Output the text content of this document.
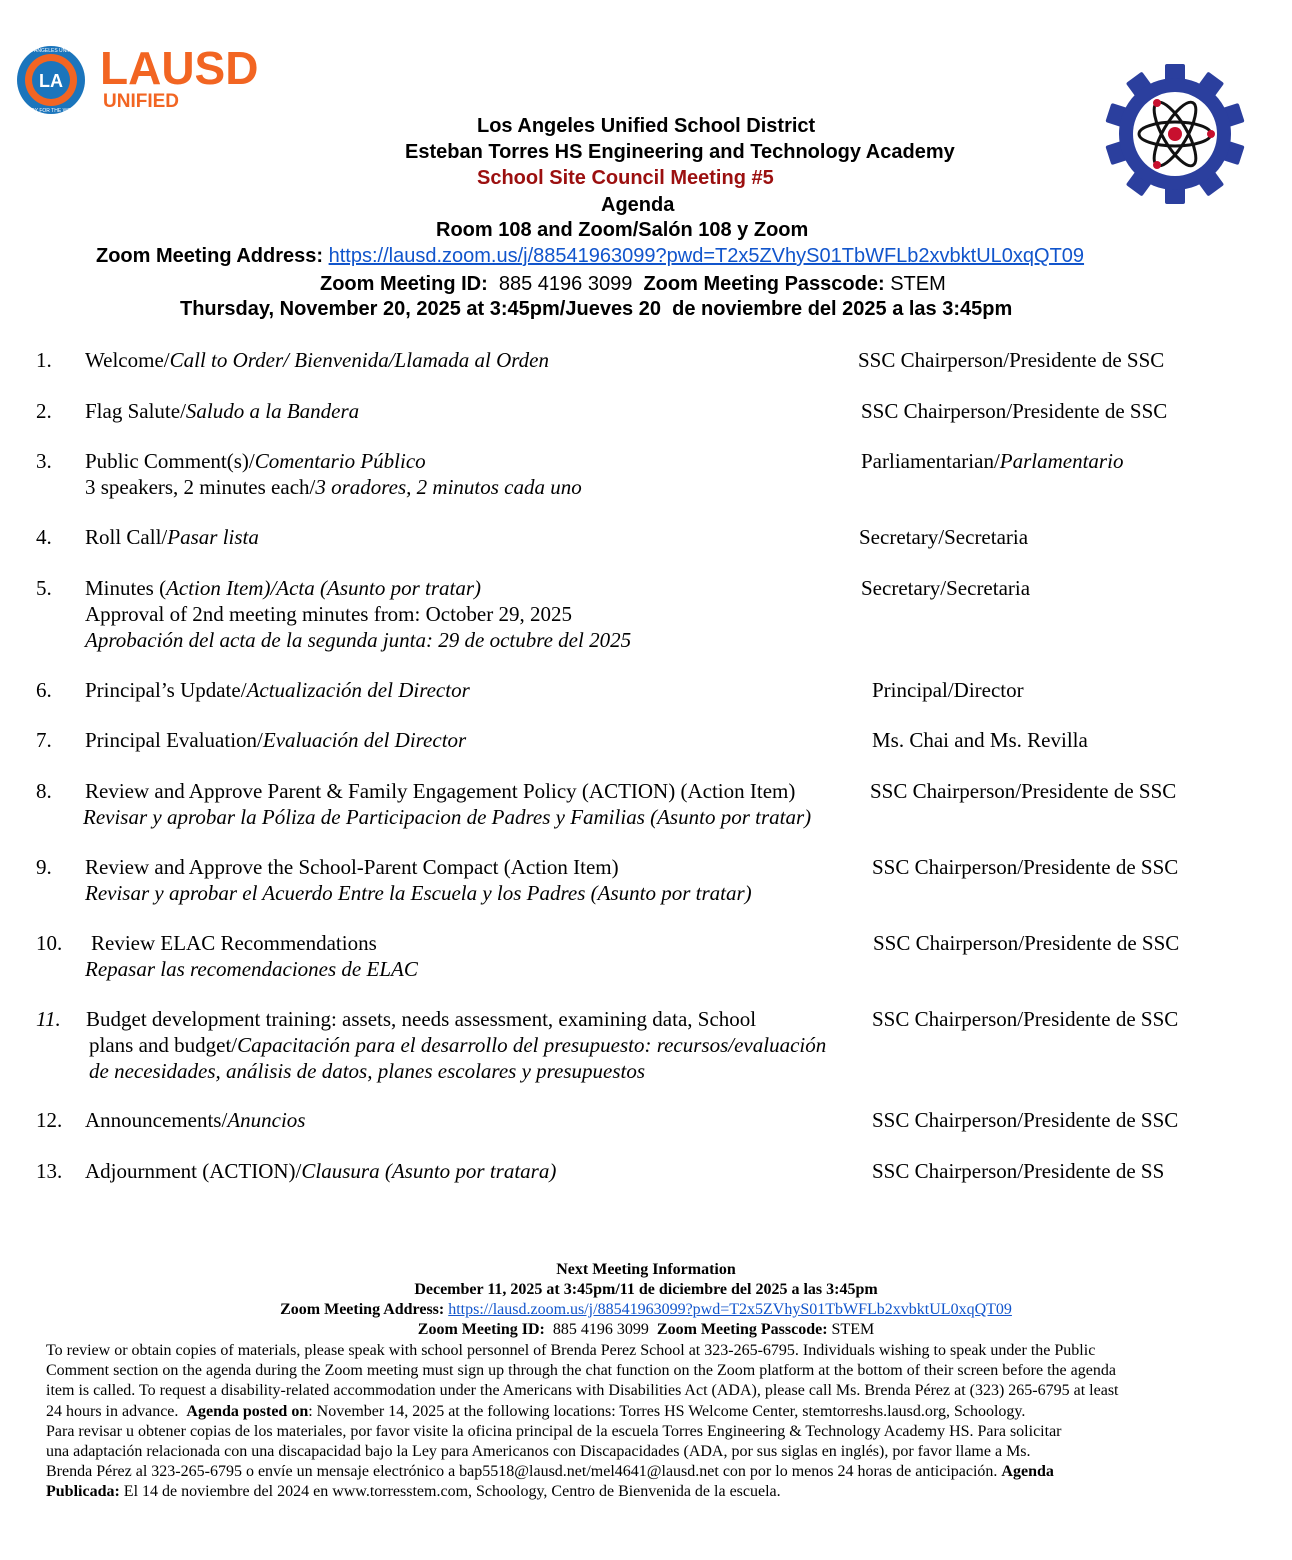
LA
LOS ANGELES UNIFIED
READY FOR THE WORLD
LAUSD
UNIFIED
Los Angeles Unified School District
Esteban Torres HS Engineering and Technology Academy
School Site Council Meeting #5
Agenda
Room 108 and Zoom/Salón 108 y Zoom
Zoom Meeting Address: https://lausd.zoom.us/j/88541963099?pwd=T2x5ZVhyS01TbWFLb2xvbktUL0xqQT09
Zoom Meeting ID:  885 4196 3099  Zoom Meeting Passcode: STEM
Thursday, November 20, 2025 at 3:45pm/Jueves 20  de noviembre del 2025 a las 3:45pm
1. Welcome/Call to Order/ Bienvenida/Llamada al Orden	SSC Chairperson/Presidente de SSC
2. Flag Salute/Saludo a la Bandera	SSC Chairperson/Presidente de SSC
3. Public Comment(s)/Comentario Público	Parliamentarian/Parlamentario
3 speakers, 2 minutes each/3 oradores, 2 minutos cada uno
4. Roll Call/Pasar lista	Secretary/Secretaria
5. Minutes (Action Item)/Acta (Asunto por tratar)	Secretary/Secretaria
Approval of 2nd meeting minutes from: October 29, 2025
Aprobación del acta de la segunda junta: 29 de octubre del 2025
6. Principal’s Update/Actualización del Director	Principal/Director
7. Principal Evaluation/Evaluación del Director	Ms. Chai and Ms. Revilla
8. Review and Approve Parent & Family Engagement Policy (ACTION) (Action Item)	SSC Chairperson/Presidente de SSC
Revisar y aprobar la Póliza de Participacion de Padres y Familias (Asunto por tratar)
9. Review and Approve the School-Parent Compact (Action Item)	SSC Chairperson/Presidente de SSC
Revisar y aprobar el Acuerdo Entre la Escuela y los Padres (Asunto por tratar)
10. Review ELAC Recommendations	SSC Chairperson/Presidente de SSC
Repasar las recomendaciones de ELAC
11. Budget development training: assets, needs assessment, examining data, School	SSC Chairperson/Presidente de SSC
plans and budget/Capacitación para el desarrollo del presupuesto: recursos/evaluación
de necesidades, análisis de datos, planes escolares y presupuestos
12. Announcements/Anuncios	SSC Chairperson/Presidente de SSC
13. Adjournment (ACTION)/Clausura (Asunto por tratara)	SSC Chairperson/Presidente de SS
Next Meeting Information
December 11, 2025 at 3:45pm/11 de diciembre del 2025 a las 3:45pm
Zoom Meeting Address: https://lausd.zoom.us/j/88541963099?pwd=T2x5ZVhyS01TbWFLb2xvbktUL0xqQT09
Zoom Meeting ID:  885 4196 3099  Zoom Meeting Passcode: STEM
To review or obtain copies of materials, please speak with school personnel of Brenda Perez School at 323-265-6795. Individuals wishing to speak under the Public
Comment section on the agenda during the Zoom meeting must sign up through the chat function on the Zoom platform at the bottom of their screen before the agenda
item is called. To request a disability-related accommodation under the Americans with Disabilities Act (ADA), please call Ms. Brenda Pérez at (323) 265-6795 at least
24 hours in advance.  Agenda posted on: November 14, 2025 at the following locations: Torres HS Welcome Center, stemtorreshs.lausd.org, Schoology.
Para revisar u obtener copias de los materiales, por favor visite la oficina principal de la escuela Torres Engineering & Technology Academy HS. Para solicitar
una adaptación relacionada con una discapacidad bajo la Ley para Americanos con Discapacidades (ADA, por sus siglas en inglés), por favor llame a Ms.
Brenda Pérez al 323-265-6795 o envíe un mensaje electrónico a bap5518@lausd.net/mel4641@lausd.net con por lo menos 24 horas de anticipación. Agenda
Publicada: El 14 de noviembre del 2024 en www.torresstem.com, Schoology, Centro de Bienvenida de la escuela.
